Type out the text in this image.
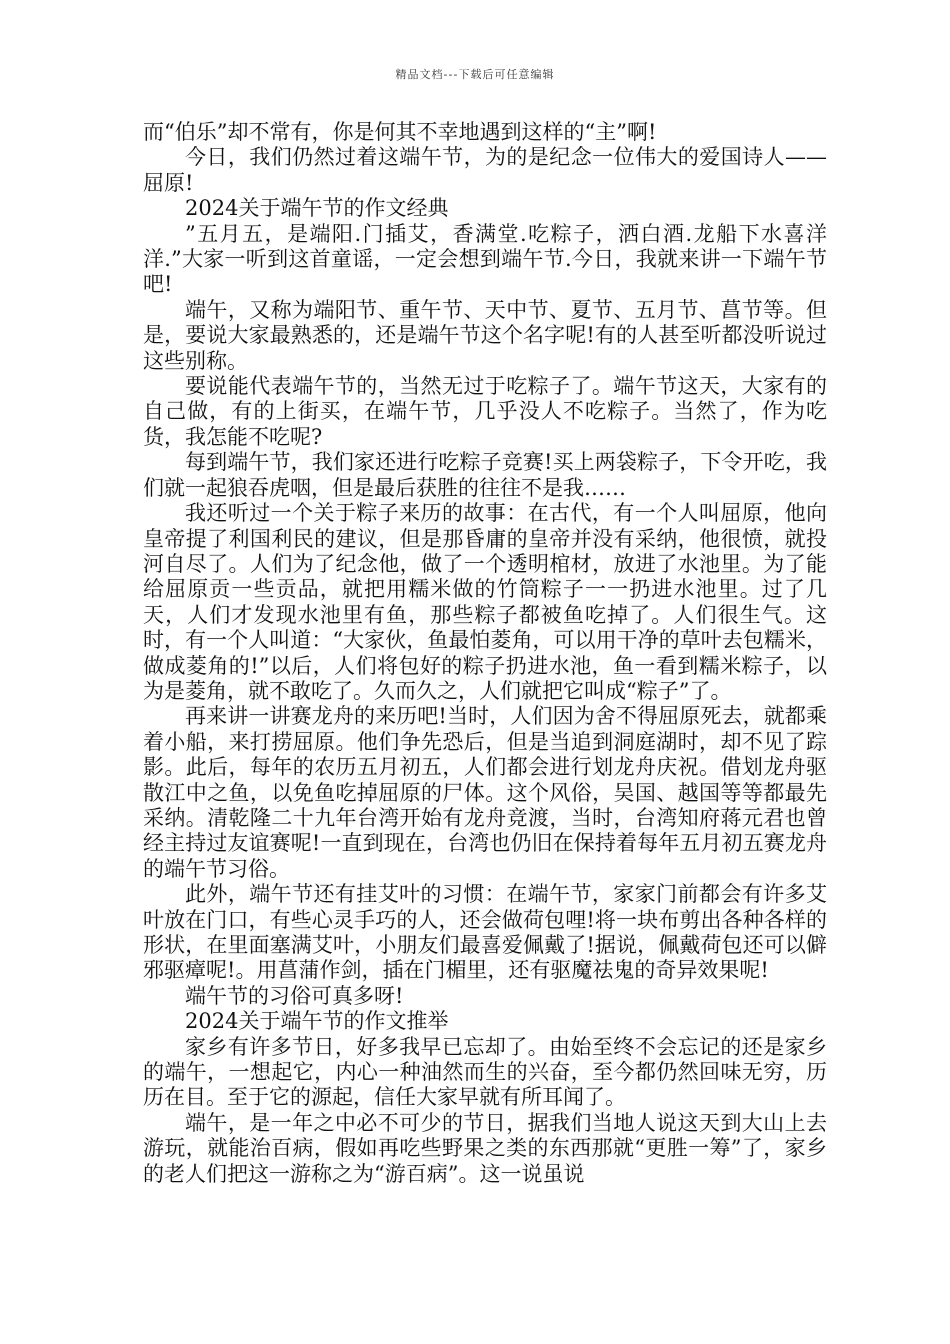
精品文档---下载后可任意编辑

而“伯乐”却不常有，你是何其不幸地遇到这样的“主”啊!

今日，我们仍然过着这端午节，为的是纪念一位伟大的爱国诗人——屈原!

2024关于端午节的作文经典

”五月五，是端阳.门插艾，香满堂.吃粽子，洒白酒.龙船下水喜洋洋.”大家一听到这首童谣，一定会想到端午节.今日，我就来讲一下端午节吧!

端午，又称为端阳节、重午节、天中节、夏节、五月节、菖节等。但是，要说大家最熟悉的，还是端午节这个名字呢!有的人甚至听都没听说过这些别称。

要说能代表端午节的，当然无过于吃粽子了。端午节这天，大家有的自己做，有的上街买，在端午节，几乎没人不吃粽子。当然了，作为吃货，我怎能不吃呢?

每到端午节，我们家还进行吃粽子竞赛!买上两袋粽子，下令开吃，我们就一起狼吞虎咽，但是最后获胜的往往不是我……

我还听过一个关于粽子来历的故事：在古代，有一个人叫屈原，他向皇帝提了利国利民的建议，但是那昏庸的皇帝并没有采纳，他很愤，就投河自尽了。人们为了纪念他，做了一个透明棺材，放进了水池里。为了能给屈原贡一些贡品，就把用糯米做的竹筒粽子一一扔进水池里。过了几天，人们才发现水池里有鱼，那些粽子都被鱼吃掉了。人们很生气。这时，有一个人叫道：“大家伙，鱼最怕菱角，可以用干净的草叶去包糯米，做成菱角的!”以后，人们将包好的粽子扔进水池，鱼一看到糯米粽子，以为是菱角，就不敢吃了。久而久之，人们就把它叫成“粽子”了。

再来讲一讲赛龙舟的来历吧!当时，人们因为舍不得屈原死去，就都乘着小船，来打捞屈原。他们争先恐后，但是当追到洞庭湖时，却不见了踪影。此后，每年的农历五月初五，人们都会进行划龙舟庆祝。借划龙舟驱散江中之鱼，以免鱼吃掉屈原的尸体。这个风俗，吴国、越国等等都最先采纳。清乾隆二十九年台湾开始有龙舟竞渡，当时，台湾知府蒋元君也曾经主持过友谊赛呢!一直到现在，台湾也仍旧在保持着每年五月初五赛龙舟的端午节习俗。

此外，端午节还有挂艾叶的习惯：在端午节，家家门前都会有许多艾叶放在门口，有些心灵手巧的人，还会做荷包哩!将一块布剪出各种各样的形状，在里面塞满艾叶，小朋友们最喜爱佩戴了!据说，佩戴荷包还可以僻邪驱瘴呢!。用菖蒲作剑，插在门楣里，还有驱魔祛鬼的奇异效果呢!

端午节的习俗可真多呀!

2024关于端午节的作文推举

家乡有许多节日，好多我早已忘却了。由始至终不会忘记的还是家乡的端午，一想起它，内心一种油然而生的兴奋，至今都仍然回味无穷，历历在目。至于它的源起，信任大家早就有所耳闻了。

端午，是一年之中必不可少的节日，据我们当地人说这天到大山上去游玩，就能治百病，假如再吃些野果之类的东西那就“更胜一筹”了，家乡的老人们把这一游称之为“游百病”。这一说虽说
